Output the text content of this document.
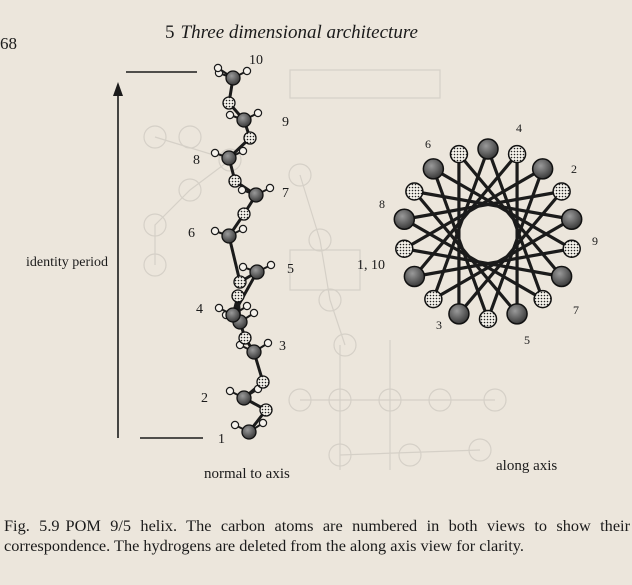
68
5 Three dimensional architecture
identity period
normal to axis
1
2
3
4
5
6
7
8
9
10
along axis
1, 10
2
3
4
5
6
7
8
9
Fig. 5.9 POM 9/5 helix. The carbon atoms are numbered in both views to show their correspondence. The hydrogens are deleted from the along axis view for clarity.
